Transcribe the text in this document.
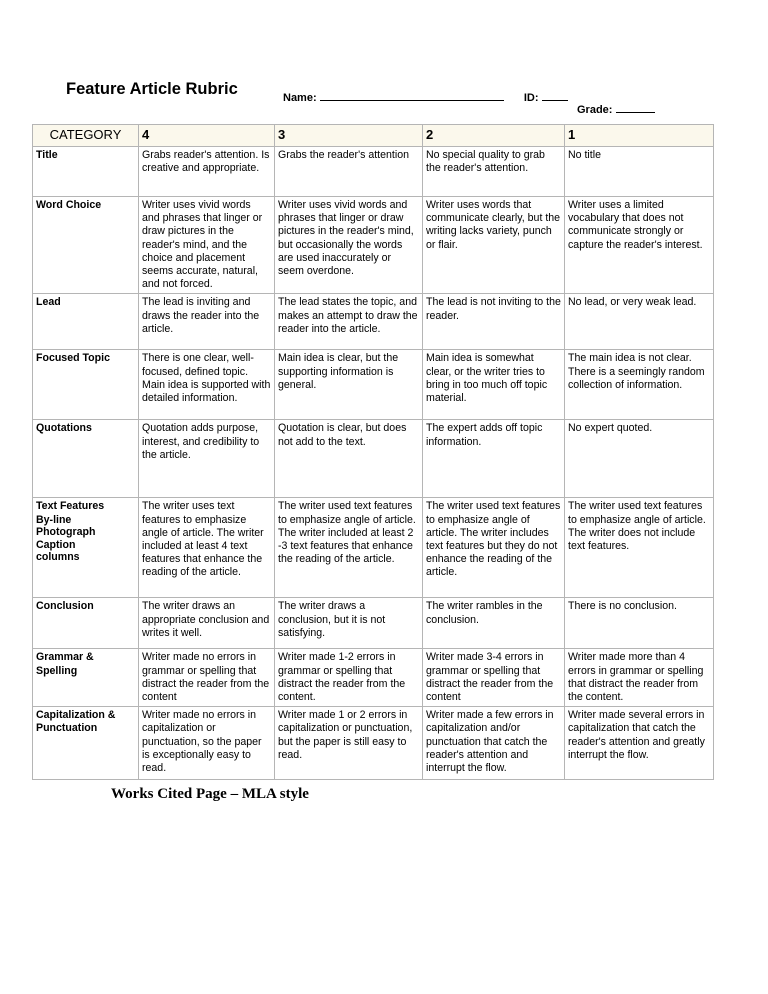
Feature Article Rubric	Name:	ID:
Grade:
CATEGORY	4	3	2	1
Title	Grabs reader's attention. Is creative and appropriate.	Grabs the reader's attention	No special quality to grab the reader's attention.	No title
Word Choice	Writer uses vivid words and phrases that linger or draw pictures in the reader's mind, and the choice and placement seems accurate, natural, and not forced.	Writer uses vivid words and phrases that linger or draw pictures in the reader's mind, but occasionally the words are used inaccurately or seem overdone.	Writer uses words that communicate clearly, but the writing lacks variety, punch or flair.	Writer uses a limited vocabulary that does not communicate strongly or capture the reader's interest.
Lead	The lead is inviting and draws the reader into the article.	The lead states the topic, and makes an attempt to draw the reader into the article.	The lead is not inviting to the reader.	No lead, or very weak lead.
Focused Topic	There is one clear, well-focused, defined topic. Main idea is supported with detailed information.	Main idea is clear, but the supporting information is general.	Main idea is somewhat clear, or the writer tries to bring in too much off topic material.	The main idea is not clear. There is a seemingly random collection of information.
Quotations	Quotation adds purpose, interest, and credibility to the article.	Quotation is clear, but does not add to the text.	The expert adds off topic information.	No expert quoted.
Text Features
By-line
Photograph
Caption
columns	The writer uses text features to emphasize angle of article. The writer included at least 4 text features that enhance the reading of the article.	The writer used text features to emphasize angle of article. The writer included at least 2 -3 text features that enhance the reading of the article.	The writer used text features to emphasize angle of article. The writer includes text features but they do not enhance the reading of the article.	The writer used text features to emphasize angle of article. The writer does not include text features.
Conclusion	The writer draws an appropriate conclusion and writes it well.	The writer draws a conclusion, but it is not satisfying.	The writer rambles in the conclusion.	There is no conclusion.
Grammar & Spelling	Writer made no errors in grammar or spelling that distract the reader from the content	Writer made 1-2 errors in grammar or spelling that distract the reader from the content.	Writer made 3-4 errors in grammar or spelling that distract the reader from the content	Writer made more than 4 errors in grammar or spelling that distract the reader from the content.
Capitalization & Punctuation	Writer made no errors in capitalization or punctuation, so the paper is exceptionally easy to read.	Writer made 1 or 2 errors in capitalization or punctuation, but the paper is still easy to read.	Writer made a few errors in capitalization and/or punctuation that catch the reader's attention and interrupt the flow.	Writer made several errors in capitalization that catch the reader's attention and greatly interrupt the flow.
Works Cited Page – MLA style
